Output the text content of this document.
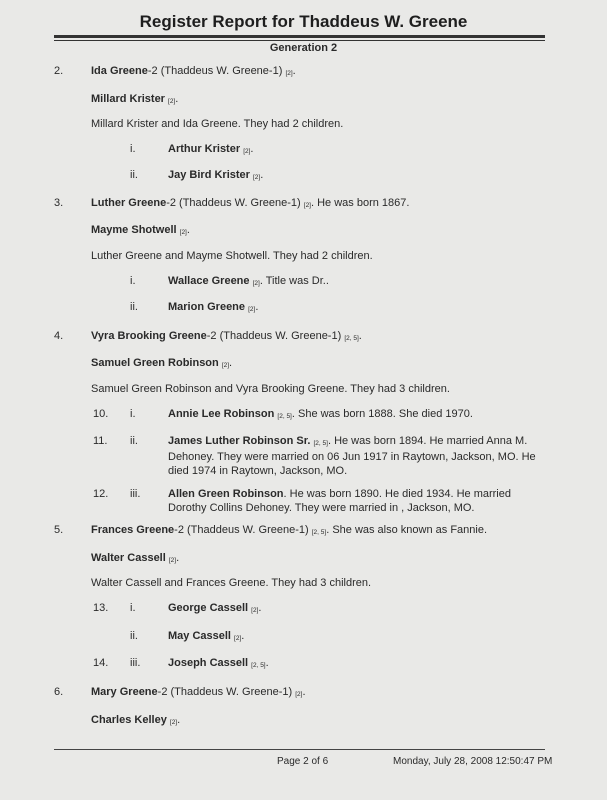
Register Report for Thaddeus W. Greene
Generation 2
2.	Ida Greene-2 (Thaddeus W. Greene-1) [2].
Millard Krister [2].
Millard Krister and Ida Greene. They had 2 children.
i.	Arthur Krister [2].
ii.	Jay Bird Krister [2].
3.	Luther Greene-2 (Thaddeus W. Greene-1) [2]. He was born 1867.
Mayme Shotwell [2].
Luther Greene and Mayme Shotwell. They had 2 children.
i.	Wallace Greene [2]. Title was Dr..
ii.	Marion Greene [2].
4.	Vyra Brooking Greene-2 (Thaddeus W. Greene-1) [2, 5].
Samuel Green Robinson [2].
Samuel Green Robinson and Vyra Brooking Greene. They had 3 children.
10. i.	Annie Lee Robinson [2, 5]. She was born 1888. She died 1970.
11. ii.	James Luther Robinson Sr. [2, 5]. He was born 1894. He married Anna M. Dehoney. They were married on 06 Jun 1917 in Raytown, Jackson, MO. He died 1974 in Raytown, Jackson, MO.
12. iii.	Allen Green Robinson. He was born 1890. He died 1934. He married Dorothy Collins Dehoney. They were married in , Jackson, MO.
5.	Frances Greene-2 (Thaddeus W. Greene-1) [2, 5]. She was also known as Fannie.
Walter Cassell [2].
Walter Cassell and Frances Greene. They had 3 children.
13. i.	George Cassell [2].
ii.	May Cassell [2].
14. iii.	Joseph Cassell [2, 5].
6.	Mary Greene-2 (Thaddeus W. Greene-1) [2].
Charles Kelley [2].
Page 2 of 6	Monday, July 28, 2008 12:50:47 PM
